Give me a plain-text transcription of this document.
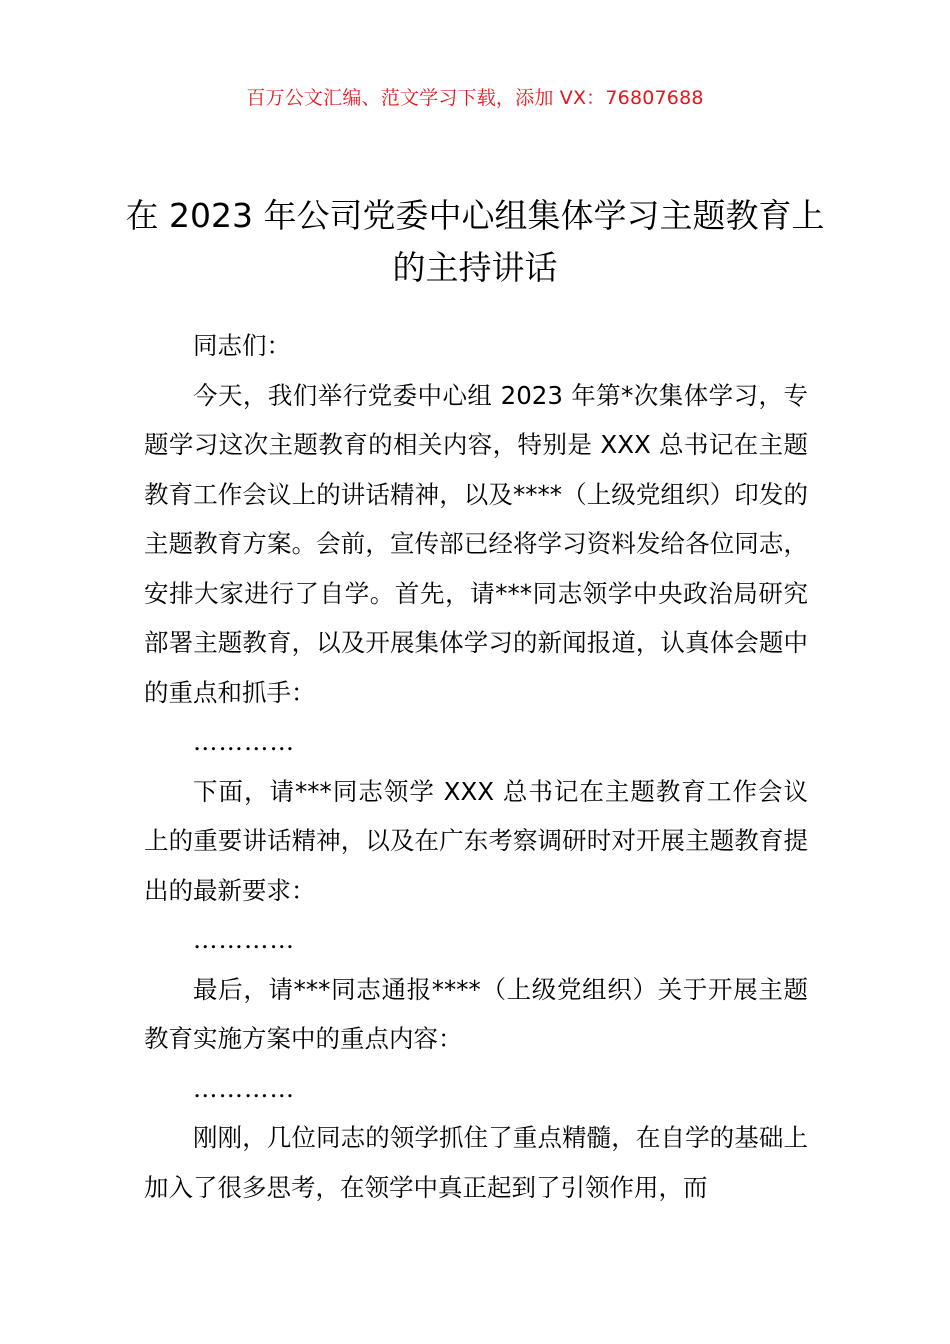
百万公文汇编、范文学习下载，添加 VX：76807688
在 2023 年公司党委中心组集体学习主题教育上的主持讲话

同志们：

今天，我们举行党委中心组 2023 年第*次集体学习，专题学习这次主题教育的相关内容，特别是 XXX 总书记在主题教育工作会议上的讲话精神，以及****（上级党组织）印发的主题教育方案。会前，宣传部已经将学习资料发给各位同志，安排大家进行了自学。首先，请***同志领学中央政治局研究部署主题教育，以及开展集体学习的新闻报道，认真体会题中的重点和抓手：

…………

下面，请***同志领学 XXX 总书记在主题教育工作会议上的重要讲话精神，以及在广东考察调研时对开展主题教育提出的最新要求：

…………

最后，请***同志通报****（上级党组织）关于开展主题教育实施方案中的重点内容：

…………

刚刚，几位同志的领学抓住了重点精髓，在自学的基础上加入了很多思考，在领学中真正起到了引领作用，而
